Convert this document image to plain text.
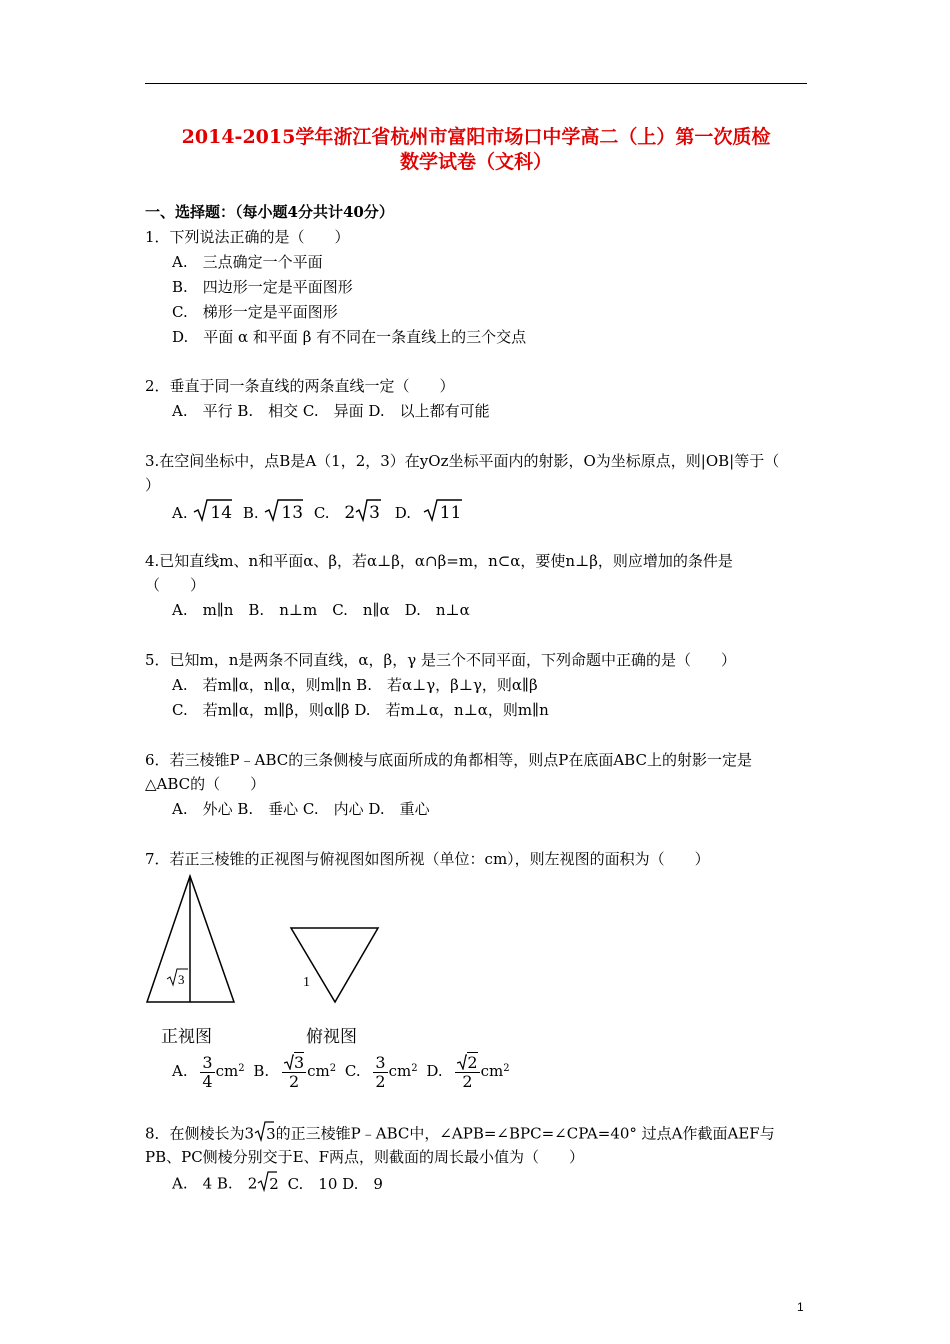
2014-2015学年浙江省杭州市富阳市场口中学高二（上）第一次质检
数学试卷（文科）
一、选择题：（每小题4分共计40分）
1．下列说法正确的是（　　）
A.　三点确定一个平面
B.　四边形一定是平面图形
C.　梯形一定是平面图形
D.　平面 α 和平面 β 有不同在一条直线上的三个交点
2．垂直于同一条直线的两条直线一定（　　）
A.　平行 B.　相交 C.　异面 D.　以上都有可能
3.在空间坐标中，点B是A（1，2，3）在yOz坐标平面内的射影，O为坐标原点，则|OB|等于（
）
A. 14 B. 13 C. 2 3 D. 11
4.已知直线m、n和平面α、β，若α⊥β，α∩β=m，n⊂α，要使n⊥β，则应增加的条件是
（　　）
A.　m∥n　B.　n⊥m　C.　n∥α　D.　n⊥α
5．已知m，n是两条不同直线，α，β，γ 是三个不同平面，下列命题中正确的是（　　）
A.　若m∥α，n∥α，则m∥n B.　若α⊥γ，β⊥γ，则α∥β
C.　若m∥α，m∥β，则α∥β D.　若m⊥α，n⊥α，则m∥n
6．若三棱锥P﹣ABC的三条侧棱与底面所成的角都相等，则点P在底面ABC上的射影一定是
△ABC的（　　）
A.　外心 B.　垂心 C.　内心 D.　重心
7．若正三棱锥的正视图与俯视图如图所视（单位：cm），则左视图的面积为（　　）
3	1
正视图	俯视图
A. $\frac{3}{4} cm^2$ B. $\frac{3}{2} cm^2$ C. $\frac{3}{2} cm^2$ D. $\frac{2}{2} cm^2$
8．在侧棱长为3 3的正三棱锥P﹣ABC中，∠APB=∠BPC=∠CPA=40° 过点A作截面AEF与
PB、PC侧棱分别交于E、F两点，则截面的周长最小值为（　　）
A.　4 B.　2 2 C.　10 D.　9
1
